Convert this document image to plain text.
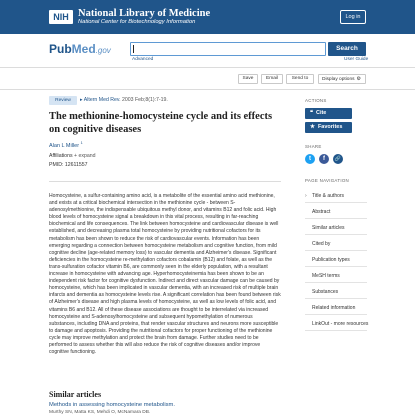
NIH National Library of Medicine
National Center for Biotechnology Information
Log in
PubMed.gov	Search
Advanced	User Guide
Save	Email	Send to	Display options ⚙
Review	▸ Altern Med Rev. 2003 Feb;8(1):7-19.
The methionine-homocysteine cycle and its effects on cognitive diseases
Alan L Miller $^1$
Affiliations + expand
PMID: 12611557
Homocysteine, a sulfur-containing amino acid, is a metabolite of the essential amino acid methionine, and exists at a critical biochemical intersection in the methionine cycle - between S-adenosylmethionine, the indispensable ubiquitous methyl donor, and vitamins B12 and folic acid. High blood levels of homocysteine signal a breakdown in this vital process, resulting in far-reaching biochemical and life consequences. The link between homocysteine and cardiovascular disease is well established, and decreasing plasma total homocysteine by providing nutritional cofactors for its metabolism has been shown to reduce the risk of cardiovascular events. Information has been emerging regarding a connection between homocysteine metabolism and cognitive function, from mild cognitive decline (age-related memory loss) to vascular dementia and Alzheimer's disease. Significant deficiencies in the homocysteine re-methylation cofactors cobalamin (B12) and folate, as well as the trans-sulfuration cofactor vitamin B6, are commonly seen in the elderly population, with a resultant increase in homocysteine with advancing age. Hyperhomocysteinemia has been shown to be an independent risk factor for cognitive dysfunction. Indirect and direct vascular damage can be caused by homocysteine, which has been implicated in vascular dementia, with an increased risk of multiple brain infarcts and dementia as homocysteine levels rise. A significant correlation has been found between risk of Alzheimer's disease and high plasma levels of homocysteine, as well as low levels of folic acid, and vitamins B6 and B12. All of these disease associations are thought to be interrelated via increased homocysteine and S-adenosylhomocysteine and subsequent hypomethylation of numerous substances, including DNA and proteins, that render vascular structures and neurons more susceptible to damage and apoptosis. Providing the nutritional cofactors for proper functioning of the methionine cycle may improve methylation and protect the brain from damage. Further studies need to be performed to assess whether this will also reduce the risk of cognitive diseases and/or improve cognitive functioning.
Similar articles
Methods in assessing homocysteine metabolism.
Murthy SN, Matta KS, Mehdi O, McNamara DB.
ACTIONS
❝ Cite
★ Favorites
SHARE
t	f	🔗
PAGE NAVIGATION
› Title & authors
Abstract
Similar articles
Cited by
Publication types
MeSH terms
Substances
Related information
LinkOut - more resources
